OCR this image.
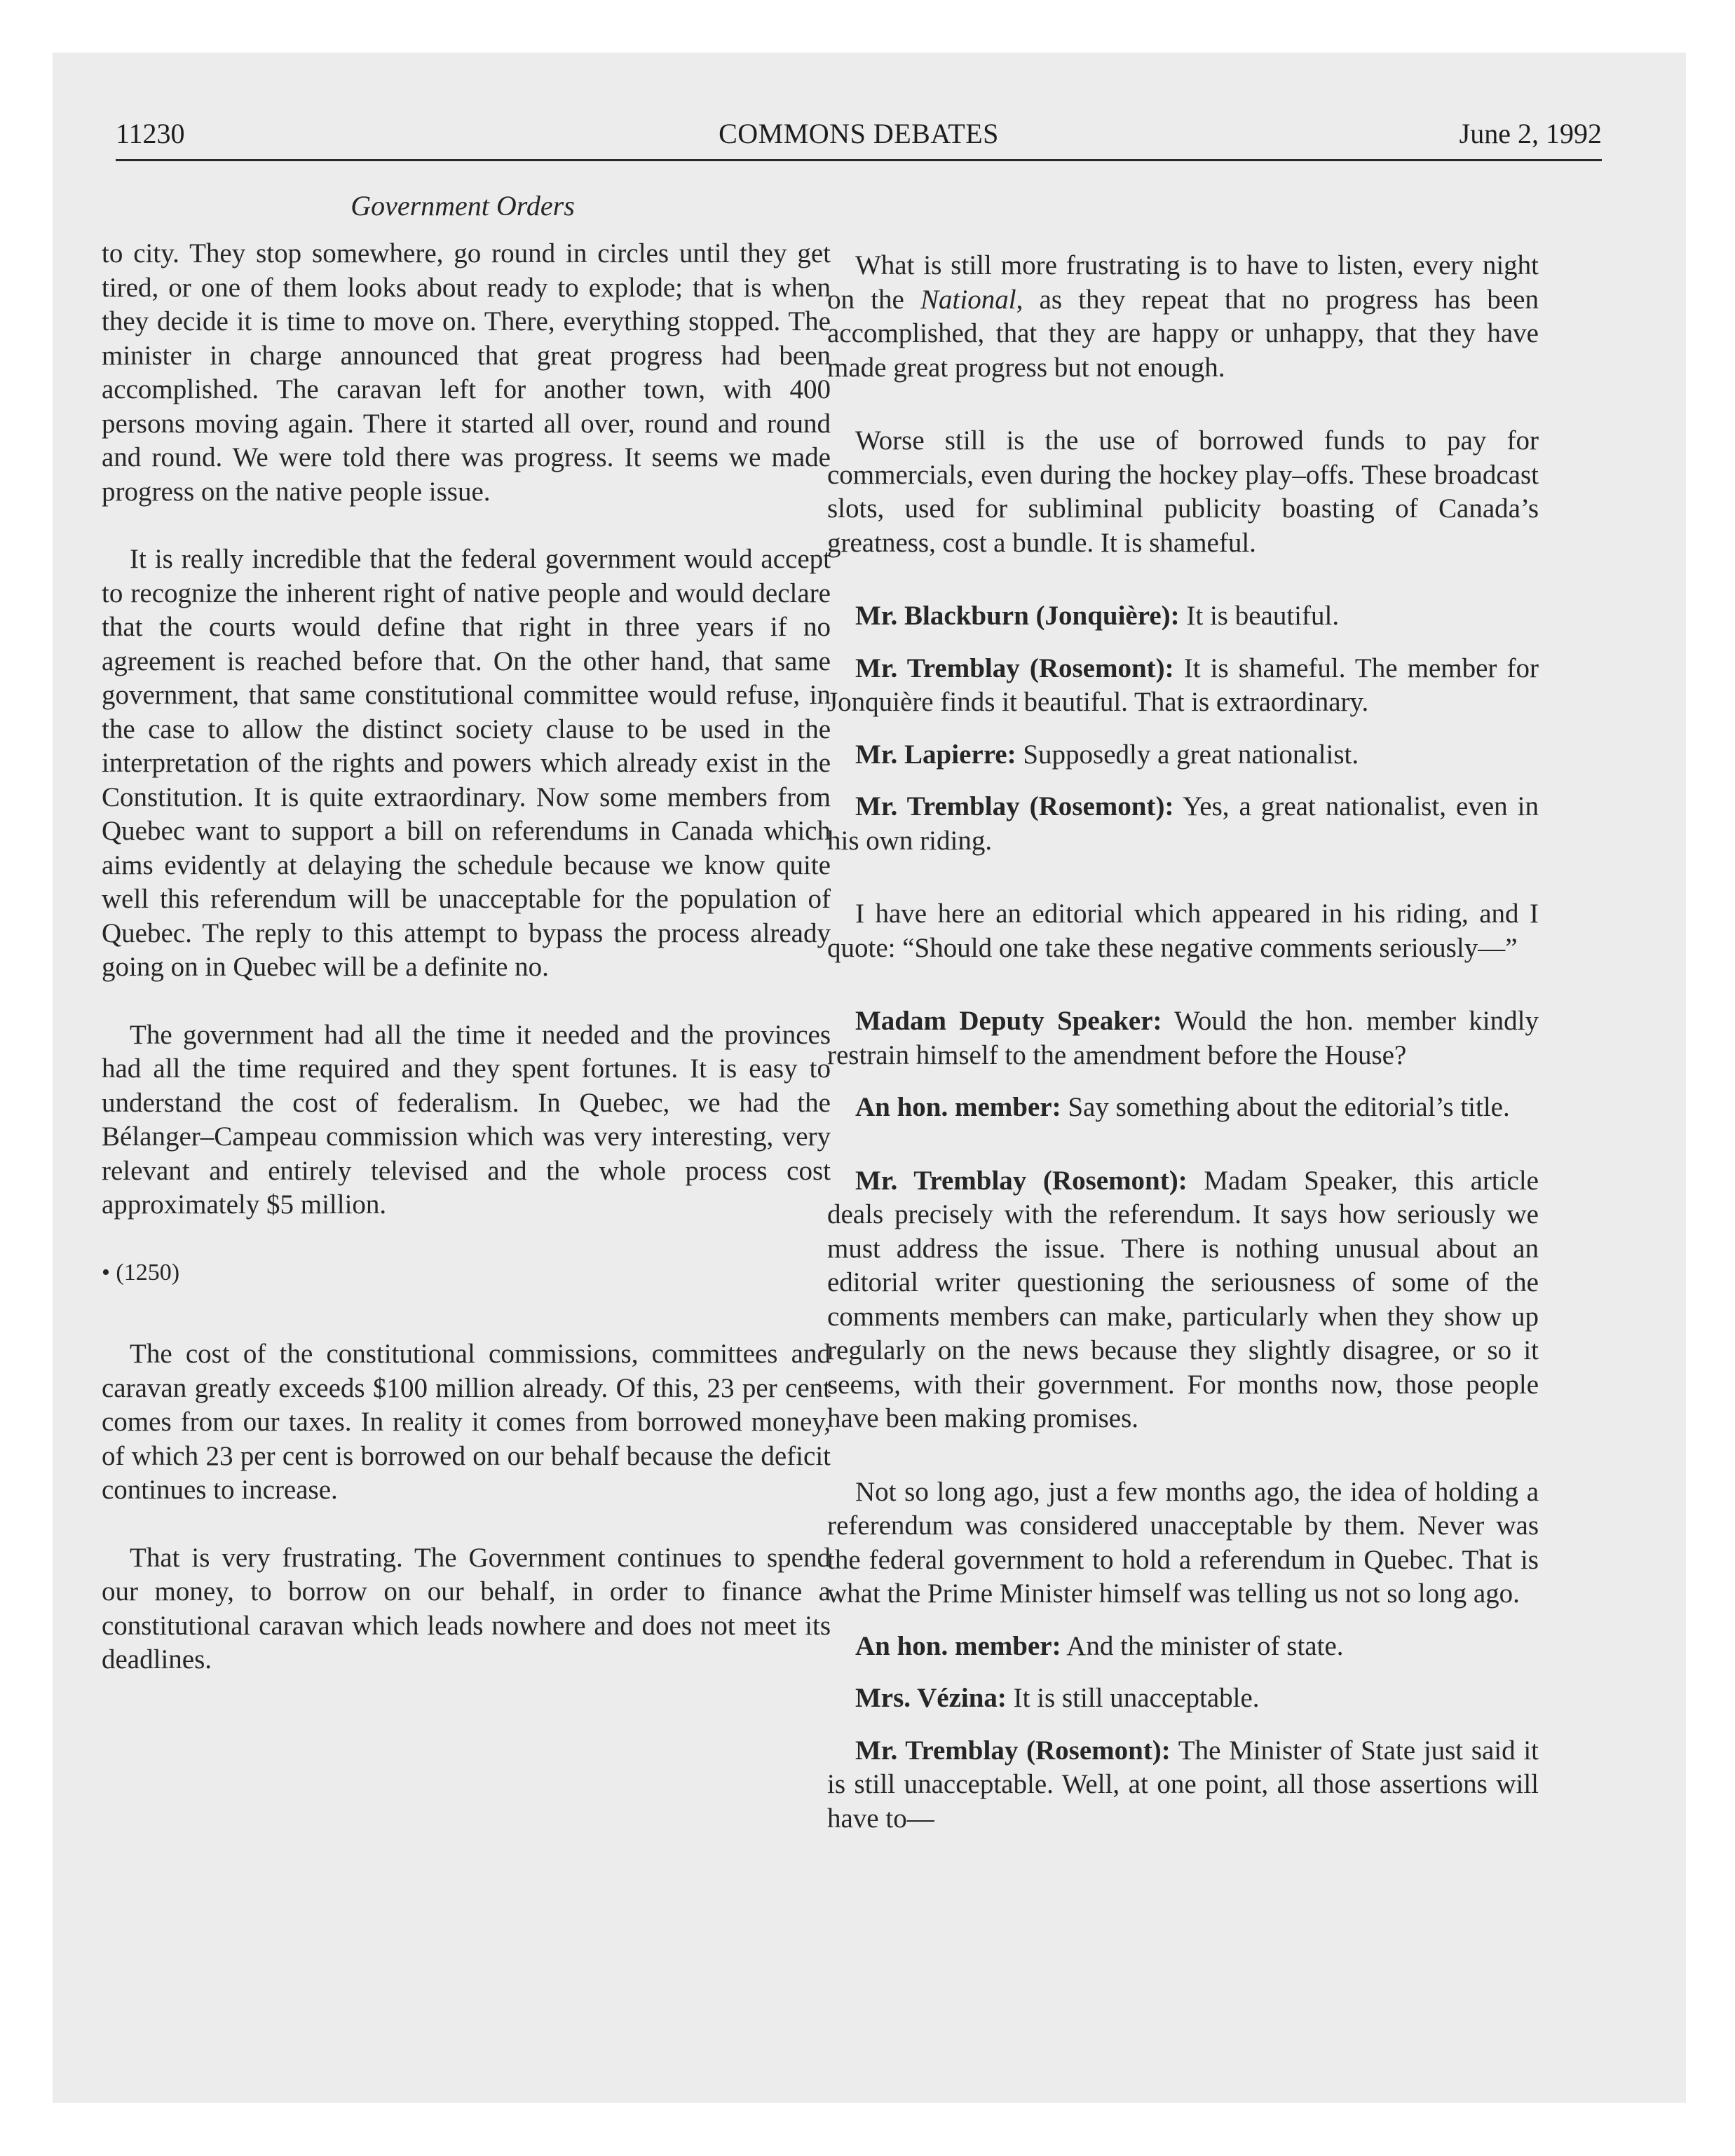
COMMONS DEBATES
11230	June 2, 1992
Government Orders

to city. They stop somewhere, go round in circles until they get tired, or one of them looks about ready to explode; that is when they decide it is time to move on. There, everything stopped. The minister in charge announced that great progress had been accomplished. The caravan left for another town, with 400 persons moving again. There it started all over, round and round and round. We were told there was progress. It seems we made progress on the native people issue.

It is really incredible that the federal government would accept to recognize the inherent right of native people and would declare that the courts would define that right in three years if no agreement is reached before that. On the other hand, that same government, that same constitutional committee would refuse, in the case to allow the distinct society clause to be used in the interpretation of the rights and powers which already exist in the Constitution. It is quite extraordinary. Now some members from Quebec want to support a bill on referendums in Canada which aims evidently at delaying the schedule because we know quite well this referendum will be unacceptable for the population of Quebec. The reply to this attempt to bypass the process already going on in Quebec will be a definite no.

The government had all the time it needed and the provinces had all the time required and they spent fortunes. It is easy to understand the cost of federalism. In Quebec, we had the Bélanger–Campeau commission which was very interesting, very relevant and entirely televised and the whole process cost approximately $5 million.

• (1250)

The cost of the constitutional commissions, committees and caravan greatly exceeds $100 million already. Of this, 23 per cent comes from our taxes. In reality it comes from borrowed money, of which 23 per cent is borrowed on our behalf because the deficit continues to increase.

That is very frustrating. The Government continues to spend our money, to borrow on our behalf, in order to finance a constitutional caravan which leads nowhere and does not meet its deadlines.

What is still more frustrating is to have to listen, every night on the National, as they repeat that no progress has been accomplished, that they are happy or unhappy, that they have made great progress but not enough.

Worse still is the use of borrowed funds to pay for commercials, even during the hockey play–offs. These broadcast slots, used for subliminal publicity boasting of Canada’s greatness, cost a bundle. It is shameful.

Mr. Blackburn (Jonquière): It is beautiful.

Mr. Tremblay (Rosemont): It is shameful. The member for Jonquière finds it beautiful. That is extraordinary.

Mr. Lapierre: Supposedly a great nationalist.

Mr. Tremblay (Rosemont): Yes, a great nationalist, even in his own riding.

I have here an editorial which appeared in his riding, and I quote: “Should one take these negative comments seriously—”

Madam Deputy Speaker: Would the hon. member kindly restrain himself to the amendment before the House?

An hon. member: Say something about the editorial’s title.

Mr. Tremblay (Rosemont): Madam Speaker, this article deals precisely with the referendum. It says how seriously we must address the issue. There is nothing unusual about an editorial writer questioning the seriousness of some of the comments members can make, particularly when they show up regularly on the news because they slightly disagree, or so it seems, with their government. For months now, those people have been making promises.

Not so long ago, just a few months ago, the idea of holding a referendum was considered unacceptable by them. Never was the federal government to hold a referendum in Quebec. That is what the Prime Minister himself was telling us not so long ago.

An hon. member: And the minister of state.

Mrs. Vézina: It is still unacceptable.

Mr. Tremblay (Rosemont): The Minister of State just said it is still unacceptable. Well, at one point, all those assertions will have to—
